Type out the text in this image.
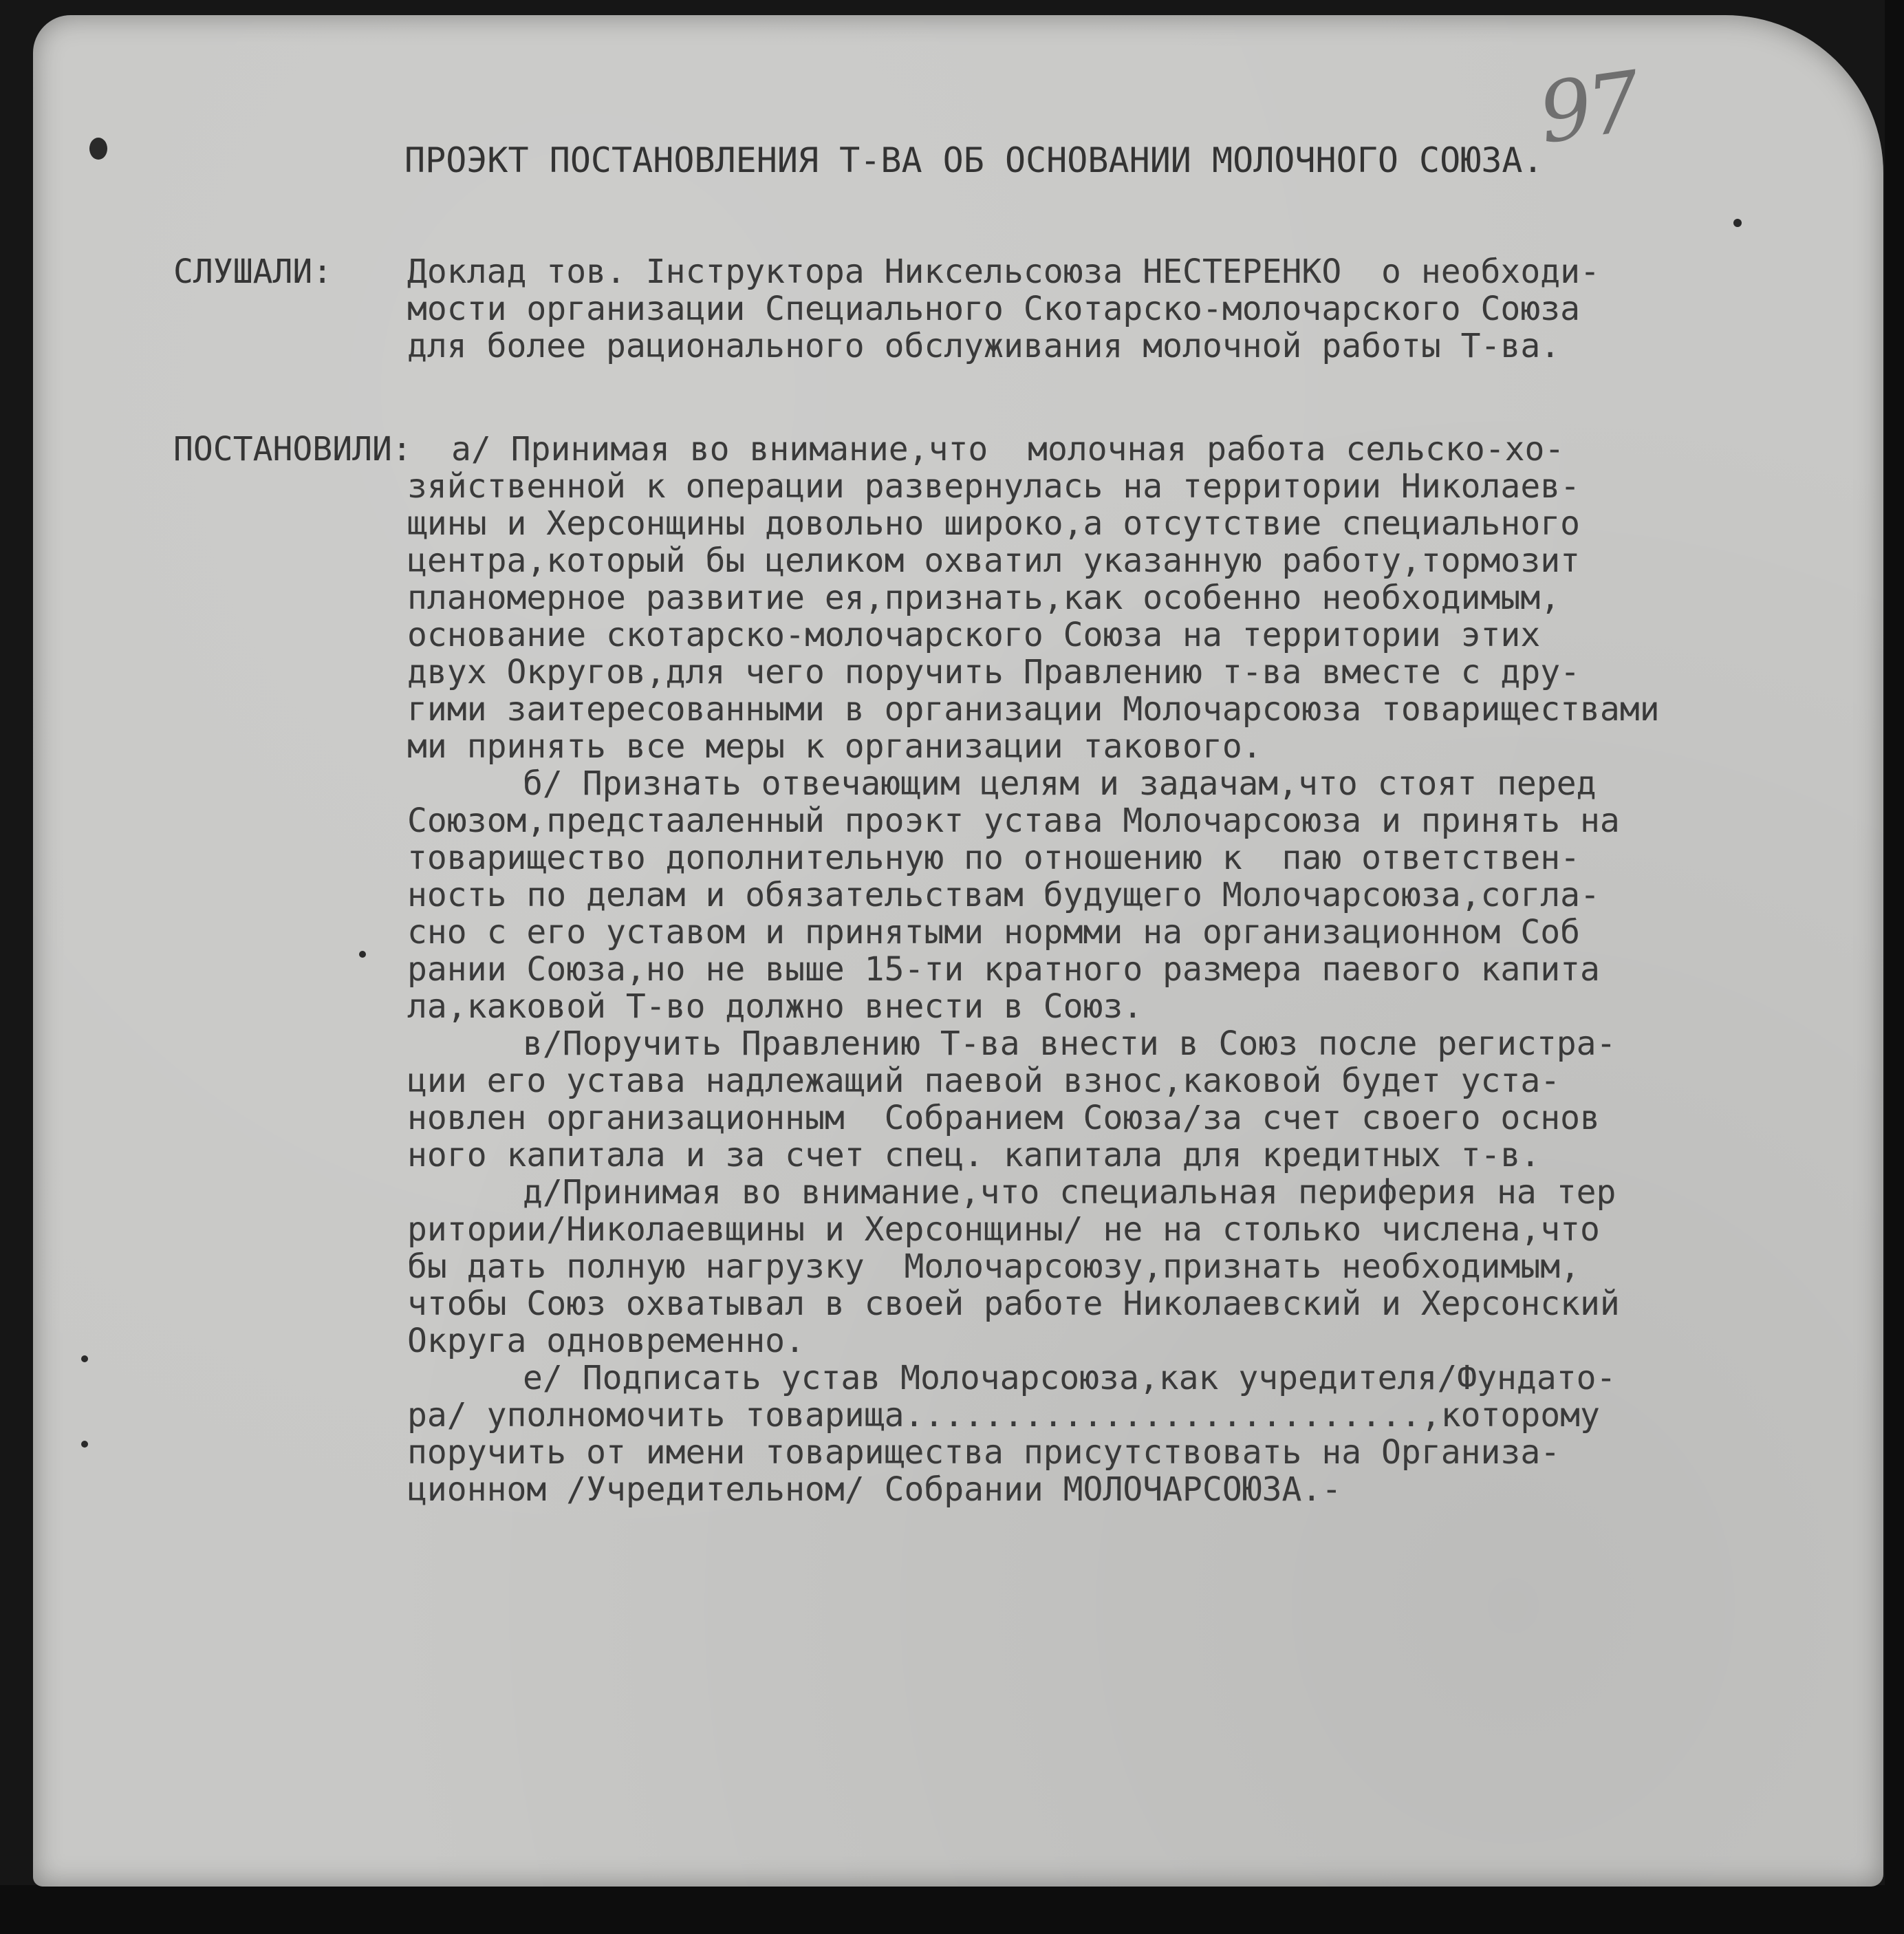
97
ПРОЭКТ ПОСТАНОВЛЕНИЯ Т-ВА ОБ ОСНОВАНИИ МОЛОЧНОГО СОЮЗА.
СЛУШАЛИ: Доклад тов. Інструктора Никсельсоюза НЕСТЕРЕНКО  о необходи-
мости организации Специального Скотарско-молочарского Союза
для более рационального обслуживания молочной работы Т-ва.
ПОСТАНОВИЛИ: а/ Принимая во внимание,что  молочная работа сельско-хо-
зяйственной к операции развернулась на территории Николаев-
щины и Херсонщины довольно широко,а отсутствие специального
центра,который бы целиком охватил указанную работу,тормозит
планомерное развитие ея,признать,как особенно необходимым,
основание скотарско-молочарского Союза на территории этих
двух Округов,для чего поручить Правлению т-ва вместе с дру-
гими заитересованными в организации Молочарсоюза товариществами
ми принять все меры к организации такового.
б/ Признать отвечающим целям и задачам,что стоят перед
Союзом,предстааленный проэкт устава Молочарсоюза и принять на
товарищество дополнительную по отношению к  паю ответствен-
ность по делам и обязательствам будущего Молочарсоюза,согла-
сно с его уставом и принятыми нормми на организационном Соб
рании Союза,но не выше 15-ти кратного размера паевого капита
ла,каковой Т-во должно внести в Союз.
в/Поручить Правлению Т-ва внести в Союз после регистра-
ции его устава надлежащий паевой взнос,каковой будет уста-
новлен организационным  Собранием Союза/за счет своего основ
ного капитала и за счет спец. капитала для кредитных т-в.
д/Принимая во внимание,что специальная периферия на тер
ритории/Николаевщины и Херсонщины/ не на столько числена,что
бы дать полную нагрузку  Молочарсоюзу,признать необходимым,
чтобы Союз охватывал в своей работе Николаевский и Херсонский
Округа одновременно.
е/ Подписать устав Молочарсоюза,как учредителя/Фундато-
ра/ уполномочить товарища..........................,которому
поручить от имени товарищества присутствовать на Организа-
ционном /Учредительном/ Собрании МОЛОЧАРСОЮЗА.-
